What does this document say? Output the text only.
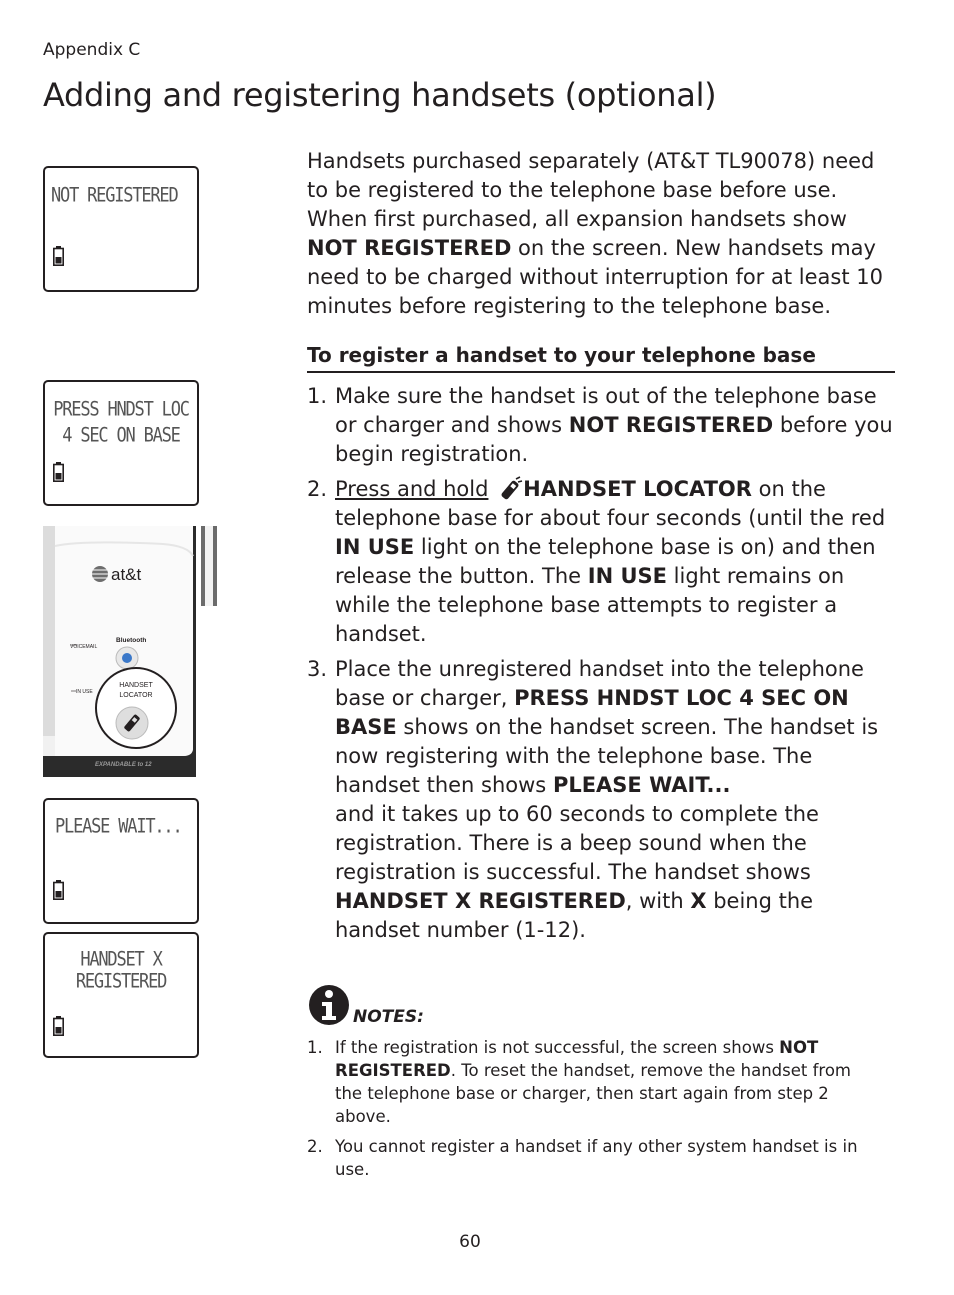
Appendix C
Adding and registering handsets (optional)
NOT REGISTERED
PRESS HNDST LOC
4 SEC ON BASE
at&t
Bluetooth
VOICEMAIL
IN USE
HANDSET
LOCATOR
EXPANDABLE to 12
PLEASE WAIT...
HANDSET X
REGISTERED
Handsets purchased separately (AT&T TL90078) need to be registered to the telephone base before use. When first purchased, all expansion handsets show NOT REGISTERED on the screen. New handsets may need to be charged without interruption for at least 10 minutes before registering to the telephone base.
To register a handset to your telephone base
1. Make sure the handset is out of the telephone base or charger and shows NOT REGISTERED before you begin registration.
2. Press and hold HANDSET LOCATOR on the telephone base for about four seconds (until the red IN USE light on the telephone base is on) and then release the button. The IN USE light remains on while the telephone base attempts to register a handset.
3. Place the unregistered handset into the telephone base or charger, PRESS HNDST LOC 4 SEC ON BASE shows on the handset screen. The handset is now registering with the telephone base. The handset then shows PLEASE WAIT...
and it takes up to 60 seconds to complete the registration. There is a beep sound when the registration is successful. The handset shows HANDSET X REGISTERED, with X being the handset number (1-12).
NOTES:
1. If the registration is not successful, the screen shows NOT REGISTERED. To reset the handset, remove the handset from the telephone base or charger, then start again from step 2 above.
2. You cannot register a handset if any other system handset is in use.
60
